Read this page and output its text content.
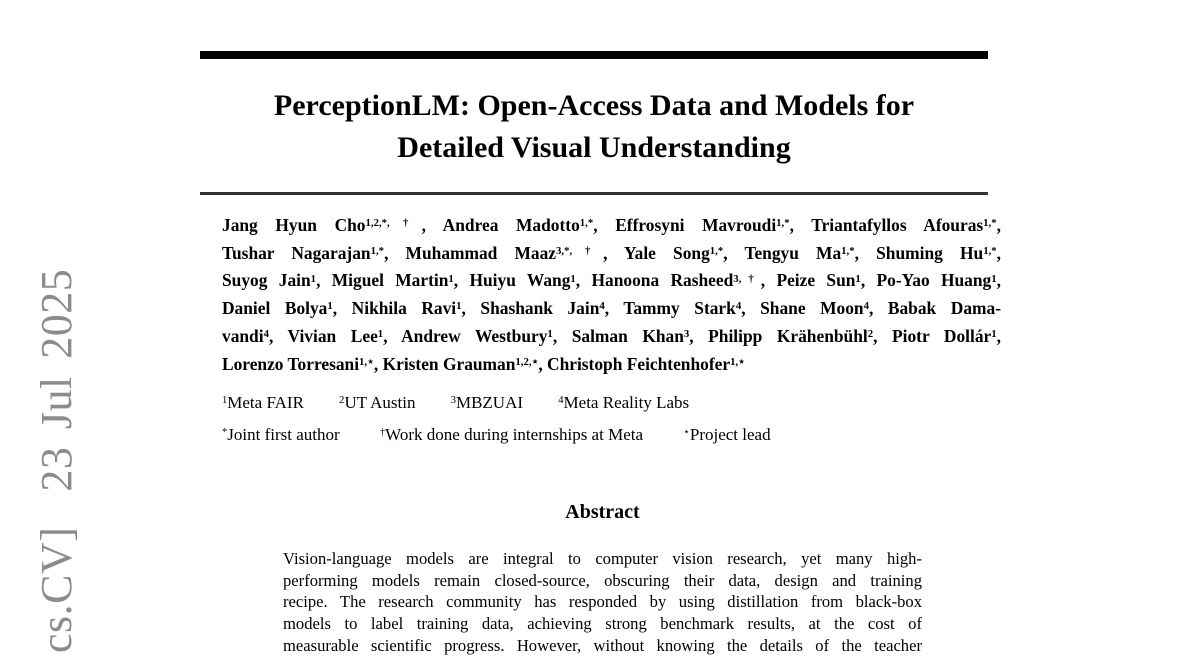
cs.CV]  23 Jul 2025
PerceptionLM: Open-Access Data and Models for
Detailed Visual Understanding
Jang Hyun Cho$^{1,2,*,\dagger}$, Andrea Madotto$^{1,*}$, Effrosyni Mavroudi$^{1,*}$, Triantafyllos Afouras$^{1,*}$,
Tushar Nagarajan$^{1,*}$, Muhammad Maaz$^{3,*,\dagger}$, Yale Song$^{1,*}$, Tengyu $Ma^{1,*}$, Shuming $Hu^{1,*}$,
Suyog Jain$^1$, Miguel Martin$^1$, Huiyu Wang$^1$, Hanoona Rasheed$^{3,\dagger}$, Peize Sun$^1$, Po-Yao Huang$^1$,
Daniel Bolya$^1$, Nikhila Ravi$^1$, Shashank Jain$^4$, Tammy Stark$^4$, Shane Moon$^4$, Babak Dama-
vandi$^4$, Vivian Lee$^1$, Andrew Westbury$^1$, Salman Khan$^3$, Philipp Krähenbühl$^2$, Piotr Dollár$^1$,
Lorenzo Torresani$^{1,⋆}$, Kristen Grauman$^{1,2,⋆}$, Christoph Feichtenhofer$^{1,⋆}$
$^1$Meta FAIR	$^2$UT Austin	$^3$MBZUAI	$^4$Meta Reality Labs
*Joint first author	†Work done during internships at Meta	⋆Project lead
Abstract
Vision-language models are integral to computer vision research, yet many high-
performing models remain closed-source, obscuring their data, design and training
recipe. The research community has responded by using distillation from black-box
models to label training data, achieving strong benchmark results, at the cost of
measurable scientific progress. However, without knowing the details of the teacher
